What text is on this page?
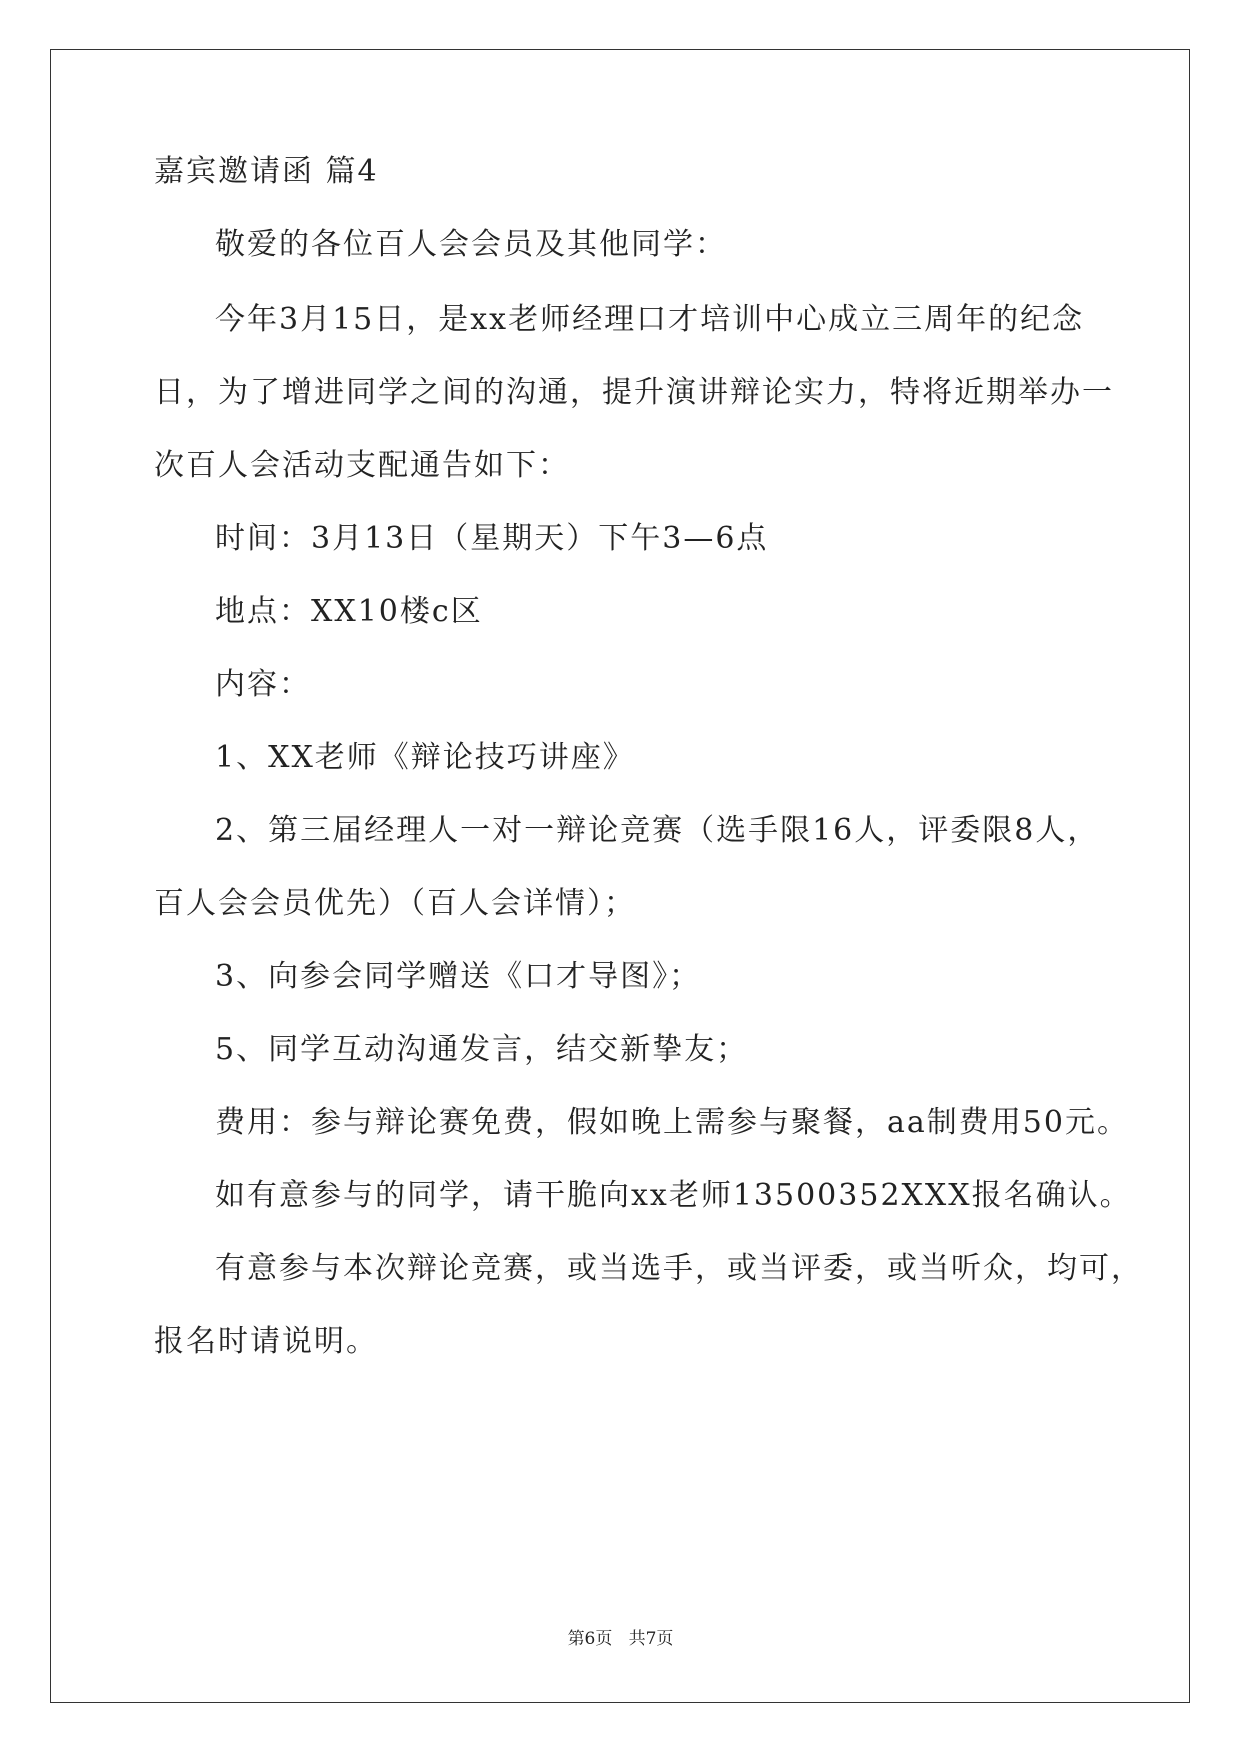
嘉宾邀请函 篇4
敬爱的各位百人会会员及其他同学：
今年3月15日，是xx老师经理口才培训中心成立三周年的纪念
日，为了增进同学之间的沟通，提升演讲辩论实力，特将近期举办一
次百人会活动支配通告如下：
时间：3月13日（星期天）下午3—6点
地点：XX10楼c区
内容：
1、XX老师《辩论技巧讲座》
2、第三届经理人一对一辩论竞赛（选手限16人，评委限8人，
百人会会员优先）（百人会详情）；
3、向参会同学赠送《口才导图》；
5、同学互动沟通发言，结交新挚友；
费用：参与辩论赛免费，假如晚上需参与聚餐，aa制费用50元。
如有意参与的同学，请干脆向xx老师13500352XXX报名确认。
有意参与本次辩论竞赛，或当选手，或当评委，或当听众，均可，
报名时请说明。
第6页 共7页
